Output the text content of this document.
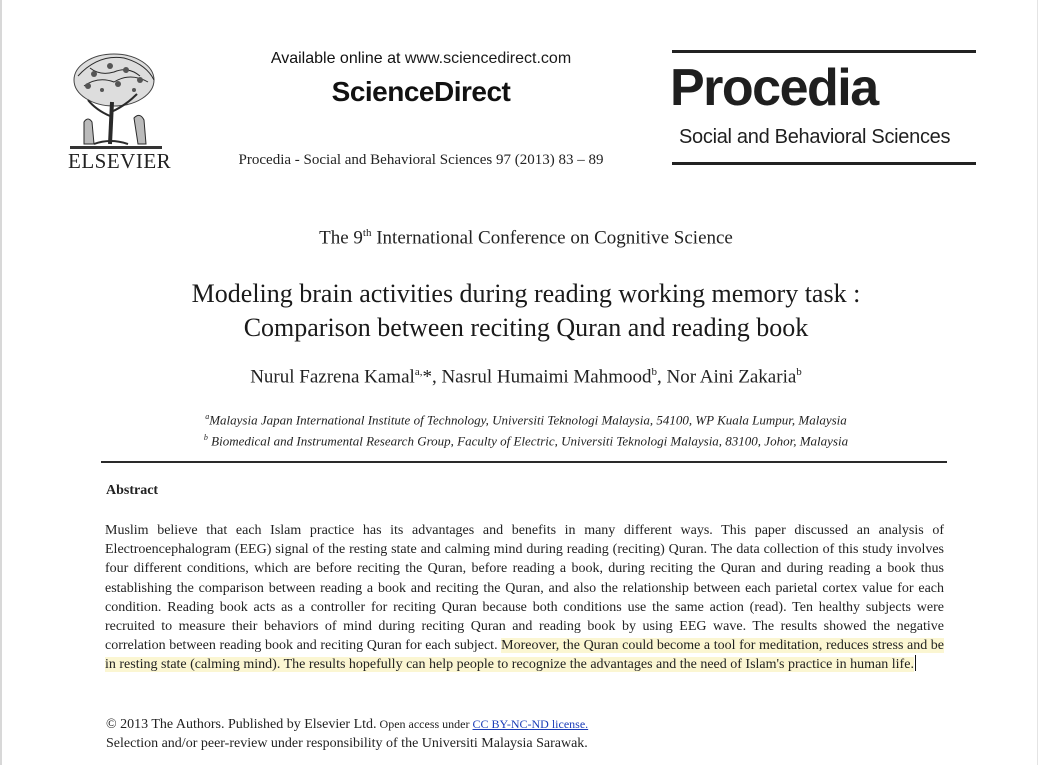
ELSEVIER
Available online at www.sciencedirect.com
ScienceDirect
Procedia - Social and Behavioral Sciences 97 (2013) 83 – 89
Procedia
Social and Behavioral Sciences
The 9th International Conference on Cognitive Science
Modeling brain activities during reading working memory task :
Comparison between reciting Quran and reading book
Nurul Fazrena Kamal$^{a,}$*, Nasrul Humaimi Mahmood$^b$, Nor Aini Zakaria$^b$
$^a$Malaysia Japan International Institute of Technology, Universiti Teknologi Malaysia, 54100, WP Kuala Lumpur, Malaysia
$^b$ Biomedical and Instrumental Research Group, Faculty of Electric, Universiti Teknologi Malaysia, 83100, Johor, Malaysia
Abstract
Muslim believe that each Islam practice has its advantages and benefits in many different ways. This paper discussed an analysis of Electroencephalogram (EEG) signal of the resting state and calming mind during reading (reciting) Quran. The data collection of this study involves four different conditions, which are before reciting the Quran, before reading a book, during reciting the Quran and during reading a book thus establishing the comparison between reading a book and reciting the Quran, and also the relationship between each parietal cortex value for each condition. Reading book acts as a controller for reciting Quran because both conditions use the same action (read). Ten healthy subjects were recruited to measure their behaviors of mind during reciting Quran and reading book by using EEG wave. The results showed the negative correlation between reading book and reciting Quran for each subject. Moreover, the Quran could become a tool for meditation, reduces stress and be in resting state (calming mind). The results hopefully can help people to recognize the advantages and the need of Islam's practice in human life.
© 2013 The Authors. Published by Elsevier Ltd. Open access under CC BY-NC-ND license.
Selection and/or peer-review under responsibility of the Universiti Malaysia Sarawak.
